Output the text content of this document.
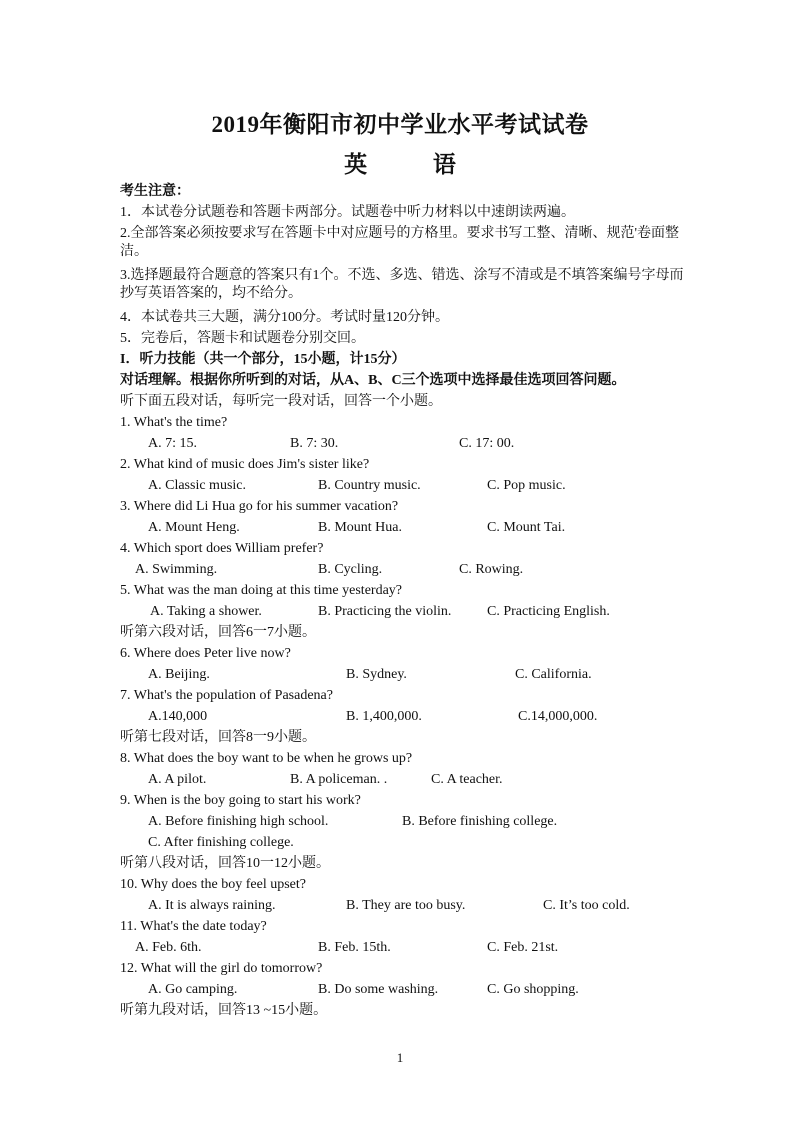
2019年衡阳市初中学业水平考试试卷
英 语
考生注意：
1．本试卷分试题卷和答题卡两部分。试题卷中听力材料以中速朗读两遍。
2.全部答案必须按要求写在答题卡中对应题号的方格里。要求书写工整、清晰、规范'卷面整洁。
3.选择题最符合题意的答案只有1个。不选、多选、错选、涂写不清或是不填答案编号字母而抄写英语答案的，均不给分。
4．本试卷共三大题，满分100分。考试时量120分钟。
5．完卷后，答题卡和试题卷分别交回。
I．听力技能（共一个部分，15小题，计15分）
对话理解。根据你所听到的对话，从A、B、C三个选项中选择最佳选项回答问题。
听下面五段对话，每听完一段对话，回答一个小题。
1. What's the time?
A. 7: 15.	B. 7: 30.	C. 17: 00.
2. What kind of music does Jim's sister like?
A. Classic music.	B. Country music.	C. Pop music.
3. Where did Li Hua go for his summer vacation?
A. Mount Heng.	B. Mount Hua.	C. Mount Tai.
4. Which sport does William prefer?
A. Swimming.	B. Cycling.	C. Rowing.
5. What was the man doing at this time yesterday?
A. Taking a shower.	B. Practicing the violin.	C. Practicing English.
听第六段对话，回答6一7小题。
6. Where does Peter live now?
A. Beijing.	B. Sydney.	C. California.
7. What's the population of Pasadena?
A.140,000	B. 1,400,000.	C.14,000,000.
听第七段对话，回答8一9小题。
8. What does the boy want to be when he grows up?
A. A pilot.	B. A policeman. .	C. A teacher.
9. When is the boy going to start his work?
A. Before finishing high school.	B. Before finishing college.
C. After finishing college.
听第八段对话，回答10一12小题。
10. Why does the boy feel upset?
A. It is always raining.	B. They are too busy.	C. It’s too cold.
11. What's the date today?
A. Feb. 6th.	B. Feb. 15th.	C. Feb. 21st.
12. What will the girl do tomorrow?
A. Go camping.	B. Do some washing.	C. Go shopping.
听第九段对话，回答13 ~15小题。
1
